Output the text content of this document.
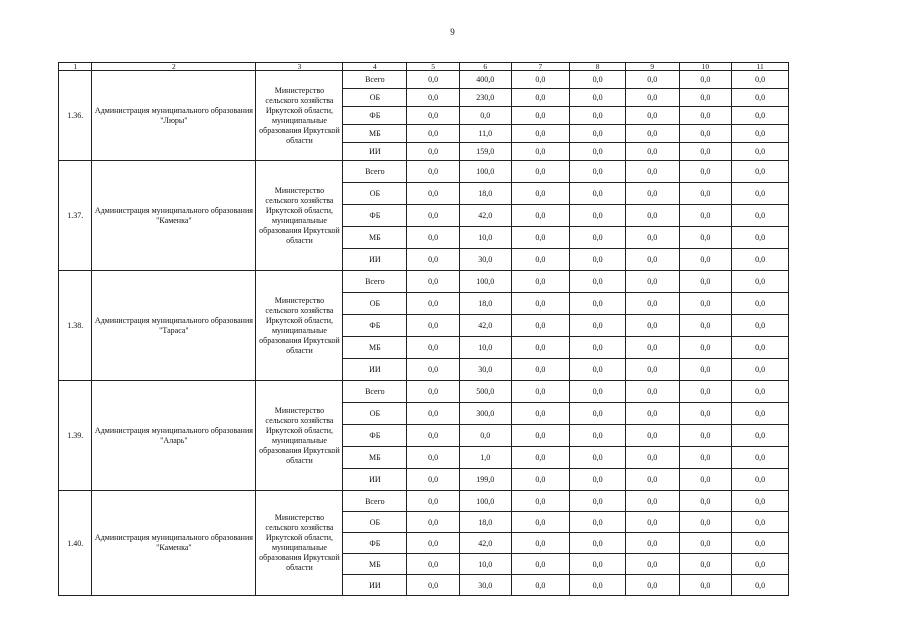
9
1	2	3	4	5	6	7	8	9	10	11
1.36.	Администрация муниципального образования "Люры"	Министерство сельского хозяйства Иркутской области, муниципальные образования Иркутской области	Всего	0,0	400,0	0,0	0,0	0,0	0,0	0,0
			ОБ	0,0	230,0	0,0	0,0	0,0	0,0	0,0
			ФБ	0,0	0,0	0,0	0,0	0,0	0,0	0,0
			МБ	0,0	11,0	0,0	0,0	0,0	0,0	0,0
			ИИ	0,0	159,0	0,0	0,0	0,0	0,0	0,0
1.37.	Администрация муниципального образования "Каменка"	Министерство сельского хозяйства Иркутской области, муниципальные образования Иркутской области	Всего	0,0	100,0	0,0	0,0	0,0	0,0	0,0
			ОБ	0,0	18,0	0,0	0,0	0,0	0,0	0,0
			ФБ	0,0	42,0	0,0	0,0	0,0	0,0	0,0
			МБ	0,0	10,0	0,0	0,0	0,0	0,0	0,0
			ИИ	0,0	30,0	0,0	0,0	0,0	0,0	0,0
1.38.	Администрация муниципального образования "Тараса"	Министерство сельского хозяйства Иркутской области, муниципальные образования Иркутской области	Всего	0,0	100,0	0,0	0,0	0,0	0,0	0,0
			ОБ	0,0	18,0	0,0	0,0	0,0	0,0	0,0
			ФБ	0,0	42,0	0,0	0,0	0,0	0,0	0,0
			МБ	0,0	10,0	0,0	0,0	0,0	0,0	0,0
			ИИ	0,0	30,0	0,0	0,0	0,0	0,0	0,0
1.39.	Администрация муниципального образования "Аларь"	Министерство сельского хозяйства Иркутской области, муниципальные образования Иркутской области	Всего	0,0	500,0	0,0	0,0	0,0	0,0	0,0
			ОБ	0,0	300,0	0,0	0,0	0,0	0,0	0,0
			ФБ	0,0	0,0	0,0	0,0	0,0	0,0	0,0
			МБ	0,0	1,0	0,0	0,0	0,0	0,0	0,0
			ИИ	0,0	199,0	0,0	0,0	0,0	0,0	0,0
1.40.	Администрация муниципального образования "Каменка"	Министерство сельского хозяйства Иркутской области, муниципальные образования Иркутской области	Всего	0,0	100,0	0,0	0,0	0,0	0,0	0,0
			ОБ	0,0	18,0	0,0	0,0	0,0	0,0	0,0
			ФБ	0,0	42,0	0,0	0,0	0,0	0,0	0,0
			МБ	0,0	10,0	0,0	0,0	0,0	0,0	0,0
			ИИ	0,0	30,0	0,0	0,0	0,0	0,0	0,0
